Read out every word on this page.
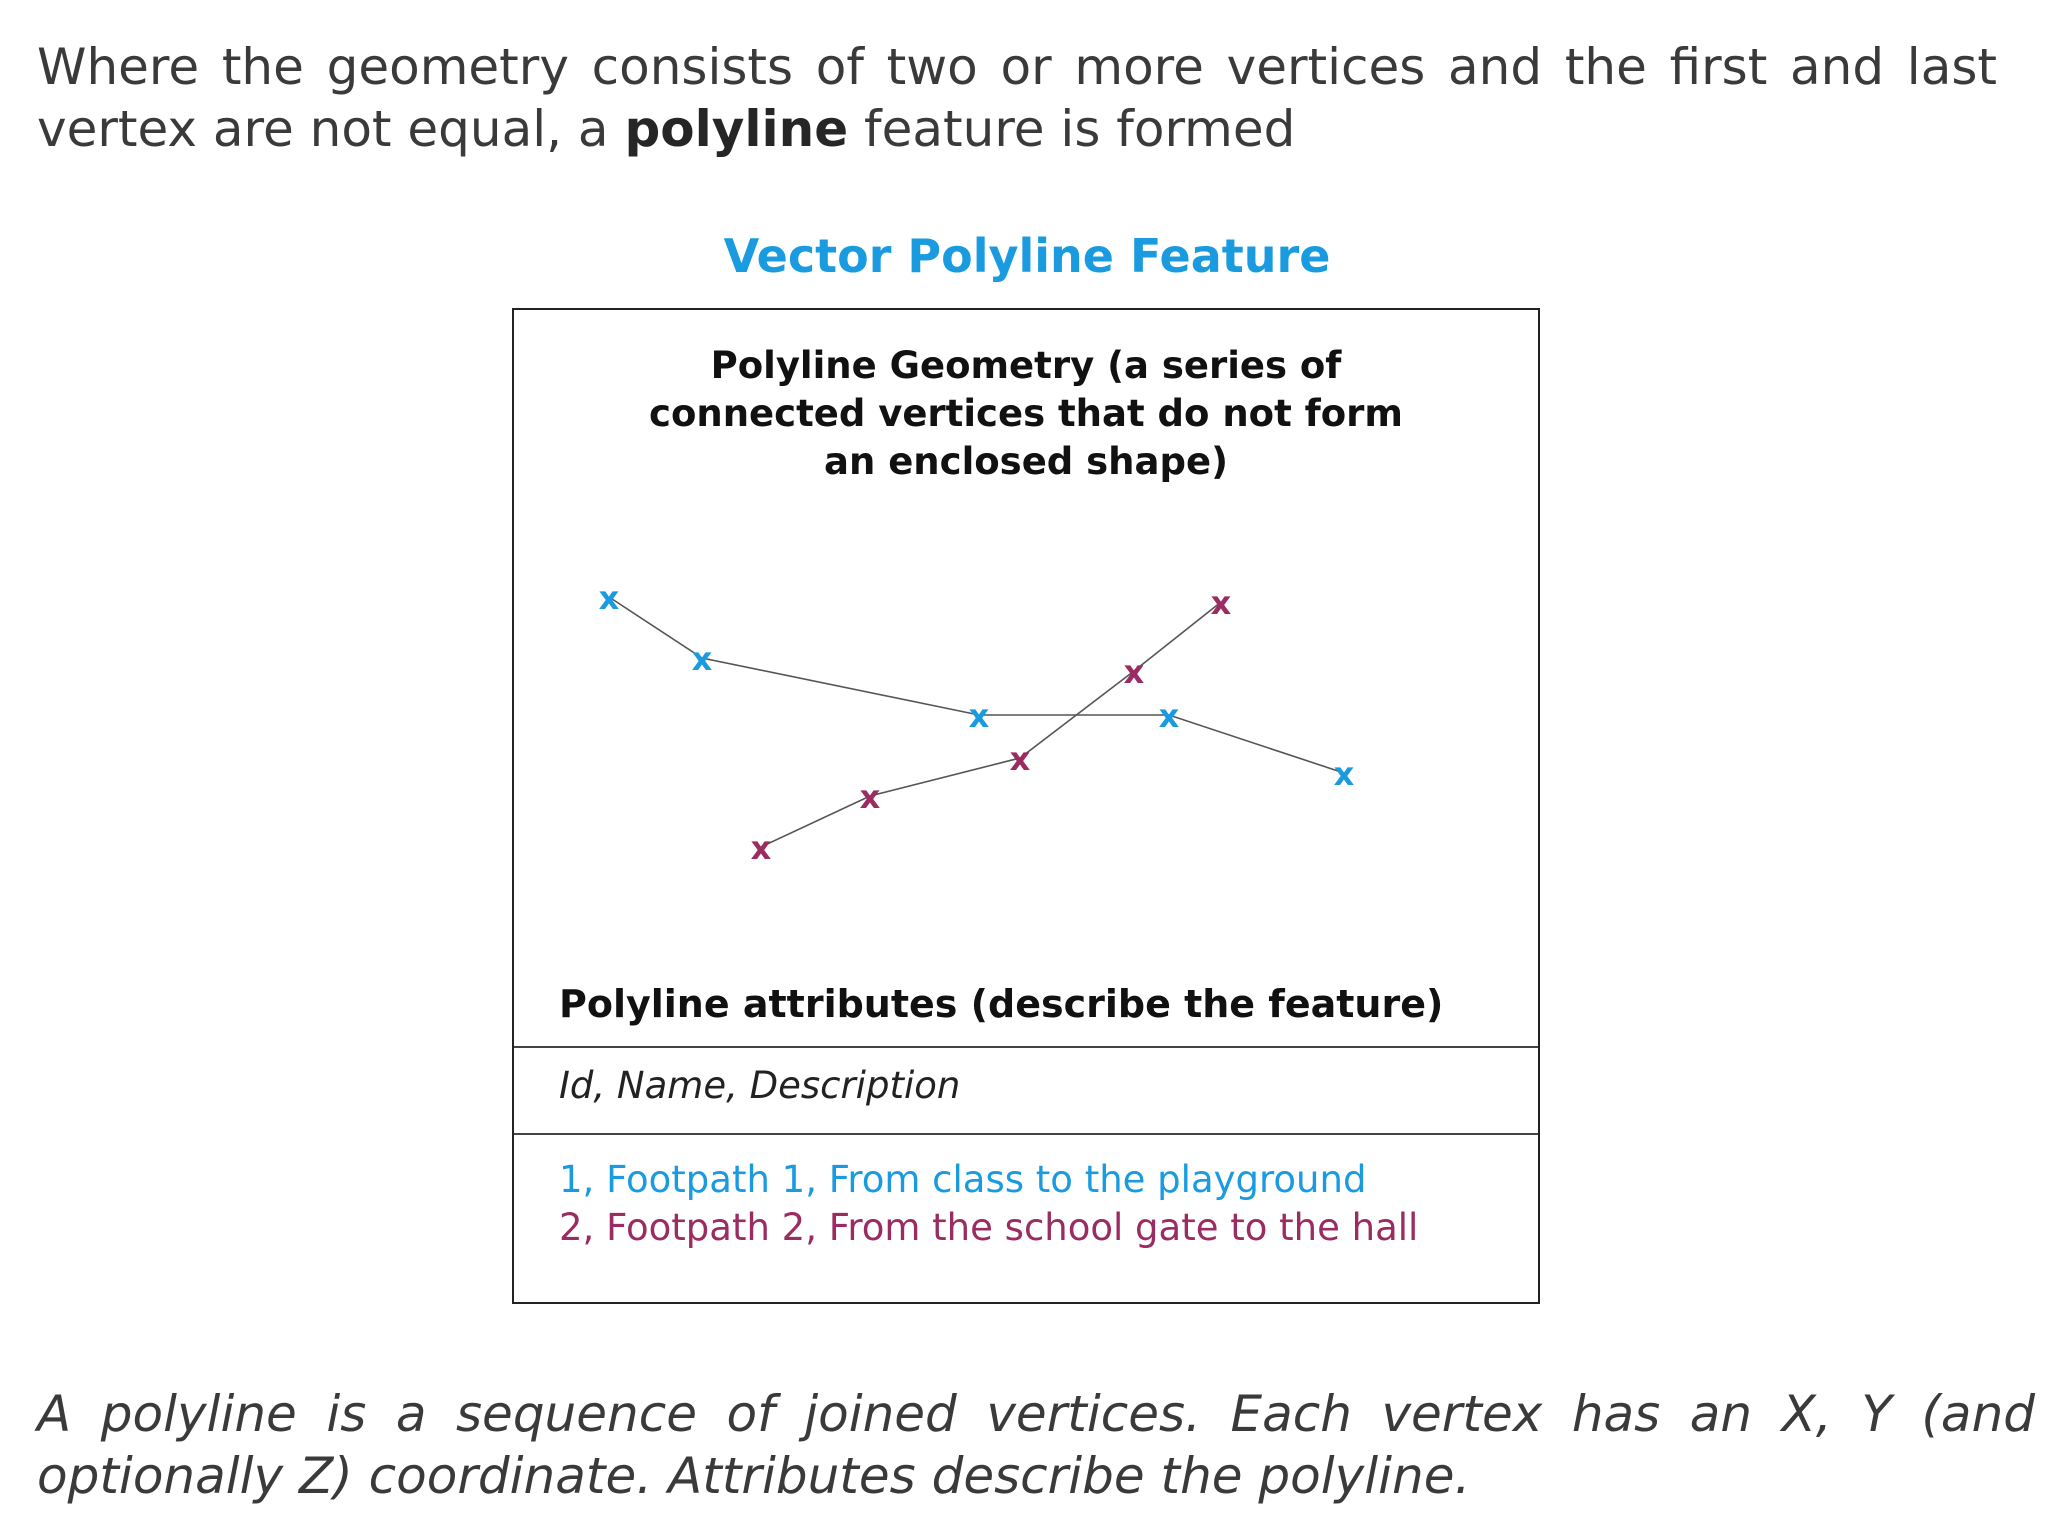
Where the geometry consists of two or more vertices and the first and last vertex are not equal, a polyline feature is formed

Vector Polyline Feature
Polyline Geometry (a series of
connected vertices that do not form
an enclosed shape)
x
x
x	x
x
x
x
x
x
x
Polyline attributes (describe the feature)
Id, Name, Description
1, Footpath 1, From class to the playground
2, Footpath 2, From the school gate to the hall

A polyline is a sequence of joined vertices. Each vertex has an X, Y (and optionally Z) coordinate. Attributes describe the polyline.
